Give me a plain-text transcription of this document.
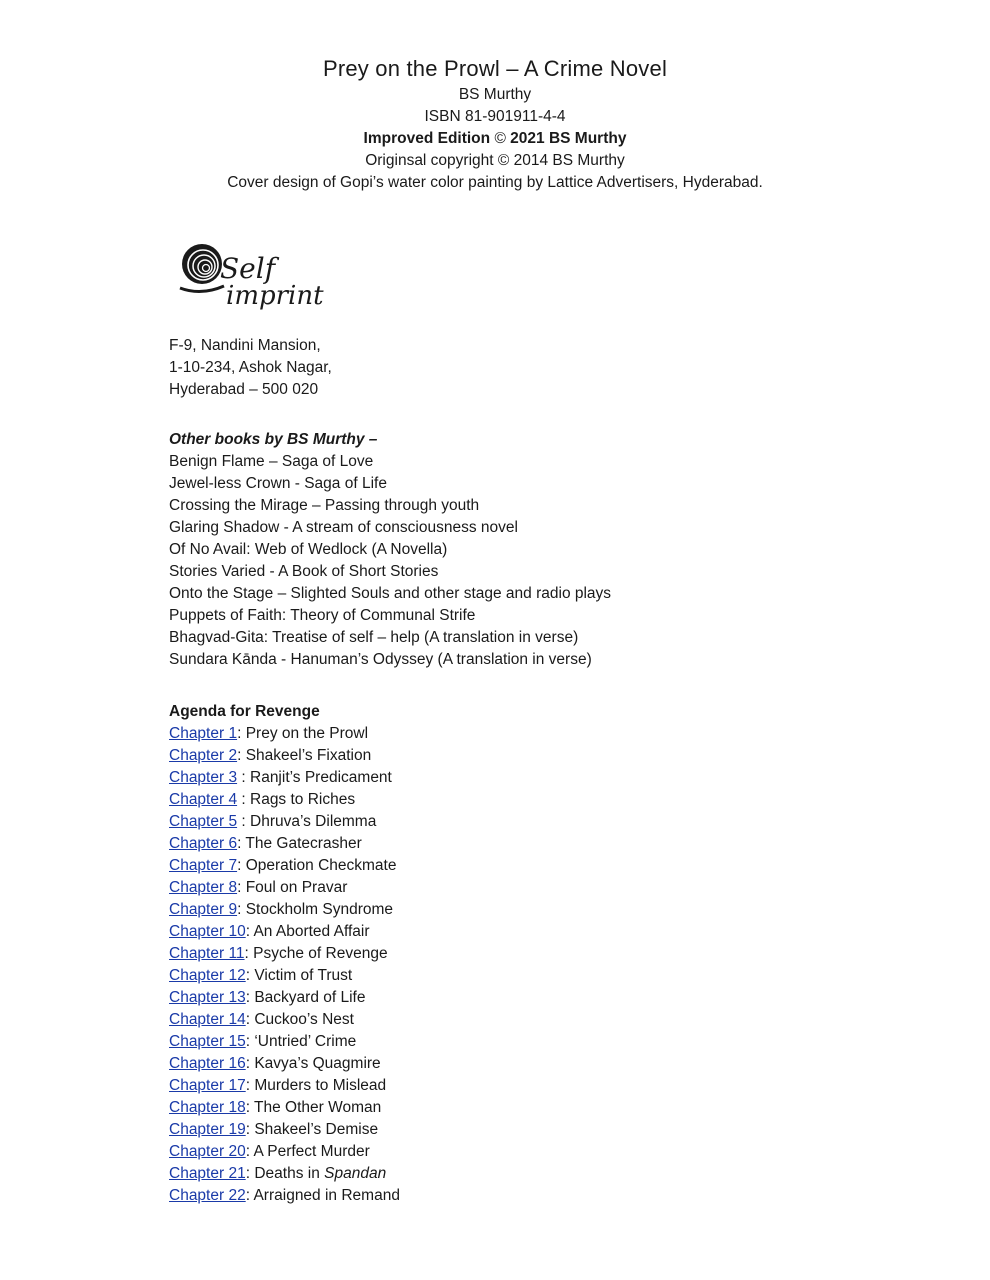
Prey on the Prowl – A Crime Novel
BS Murthy
ISBN 81-901911-4-4
Improved Edition © 2021 BS Murthy
Originsal copyright © 2014 BS Murthy
Cover design of Gopi’s water color painting by Lattice Advertisers, Hyderabad.
Self
imprint
F-9, Nandini Mansion,
1-10-234, Ashok Nagar,
Hyderabad – 500 020
Other books by BS Murthy –
Benign Flame – Saga of Love
Jewel-less Crown - Saga of Life
Crossing the Mirage – Passing through youth
Glaring Shadow - A stream of consciousness novel
Of No Avail: Web of Wedlock (A Novella)
Stories Varied - A Book of Short Stories
Onto the Stage – Slighted Souls and other stage and radio plays
Puppets of Faith: Theory of Communal Strife
Bhagvad-Gita: Treatise of self – help (A translation in verse)
Sundara Kānda - Hanuman’s Odyssey (A translation in verse)
Agenda for Revenge
Chapter 1: Prey on the Prowl
Chapter 2: Shakeel’s Fixation
Chapter 3 : Ranjit’s Predicament
Chapter 4 : Rags to Riches
Chapter 5 : Dhruva’s Dilemma
Chapter 6: The Gatecrasher
Chapter 7: Operation Checkmate
Chapter 8: Foul on Pravar
Chapter 9: Stockholm Syndrome
Chapter 10: An Aborted Affair
Chapter 11: Psyche of Revenge
Chapter 12: Victim of Trust
Chapter 13: Backyard of Life
Chapter 14: Cuckoo’s Nest
Chapter 15: ‘Untried’ Crime
Chapter 16: Kavya’s Quagmire
Chapter 17: Murders to Mislead
Chapter 18: The Other Woman
Chapter 19: Shakeel’s Demise
Chapter 20: A Perfect Murder
Chapter 21: Deaths in Spandan
Chapter 22: Arraigned in Remand
